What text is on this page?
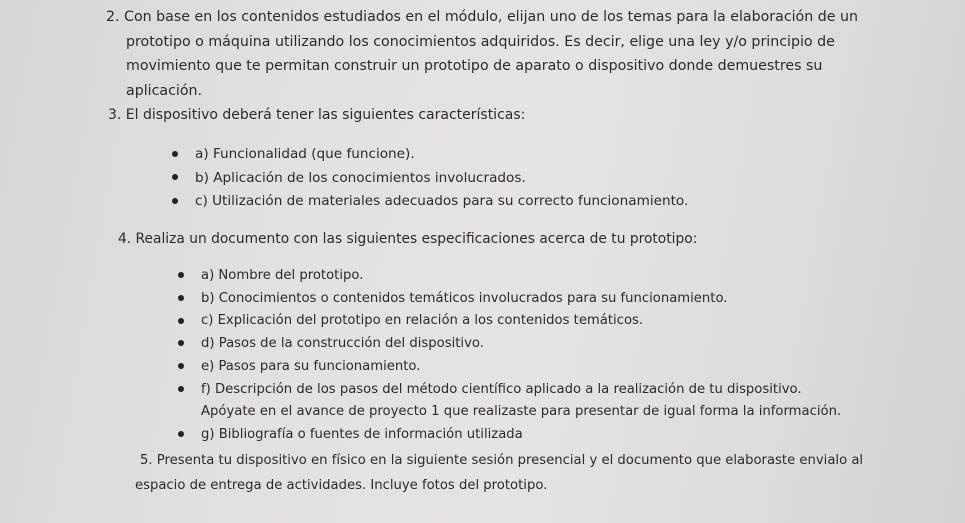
2. Con base en los contenidos estudiados en el módulo, elijan uno de los temas para la elaboración de un
prototipo o máquina utilizando los conocimientos adquiridos. Es decir, elige una ley y/o principio de
movimiento que te permitan construir un prototipo de aparato o dispositivo donde demuestres su
aplicación.
3. El dispositivo deberá tener las siguientes características:
a) Funcionalidad (que funcione).
b) Aplicación de los conocimientos involucrados.
c) Utilización de materiales adecuados para su correcto funcionamiento.
4. Realiza un documento con las siguientes especificaciones acerca de tu prototipo:
a) Nombre del prototipo.
b) Conocimientos o contenidos temáticos involucrados para su funcionamiento.
c) Explicación del prototipo en relación a los contenidos temáticos.
d) Pasos de la construcción del dispositivo.
e) Pasos para su funcionamiento.
f) Descripción de los pasos del método científico aplicado a la realización de tu dispositivo.
Apóyate en el avance de proyecto 1 que realizaste para presentar de igual forma la información.
g) Bibliografía o fuentes de información utilizada
5. Presenta tu dispositivo en físico en la siguiente sesión presencial y el documento que elaboraste envialo al
espacio de entrega de actividades. Incluye fotos del prototipo.
